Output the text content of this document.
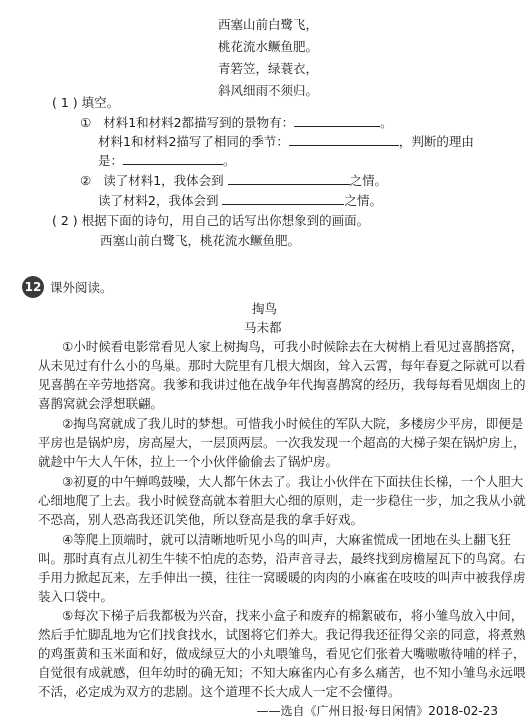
西塞山前白鹭飞，
桃花流水鳜鱼肥。
青箬笠，绿蓑衣，
斜风细雨不须归。
( 1 ) 填空。
① 材料1和材料2都描写到的景物有：	。
材料1和材料2描写了相同的季节：	，判断的理由
是：	。
② 读了材料1，我体会到	之情。
读了材料2，我体会到	之情。
( 2 ) 根据下面的诗句，用自己的话写出你想象到的画面。
西塞山前白鹭飞，桃花流水鳜鱼肥。
12 课外阅读。
掏鸟
马未都
①小时候看电影常看见人家上树掏鸟，可我小时候除去在大树梢上看见过喜鹊搭窝，
从未见过有什么小的鸟巢。那时大院里有几根大烟囱，耸入云霄，每年春夏之际就可以看
见喜鹊在辛劳地搭窝。我爹和我讲过他在战争年代掏喜鹊窝的经历，我每每看见烟囱上的
喜鹊窝就会浮想联翩。
②掏鸟窝就成了我儿时的梦想。可惜我小时候住的军队大院，多楼房少平房，即便是
平房也是锅炉房，房高屋大，一层顶两层。一次我发现一个超高的大梯子架在锅炉房上，
就趁中午大人午休，拉上一个小伙伴偷偷去了锅炉房。
③初夏的中午蝉鸣鼓噪，大人都午休去了。我让小伙伴在下面扶住长梯，一个人胆大
心细地爬了上去。我小时候登高就本着胆大心细的原则，走一步稳住一步，加之我从小就
不恐高，别人恐高我还讥笑他，所以登高是我的拿手好戏。
④等爬上顶端时，就可以清晰地听见小鸟的叫声，大麻雀慌成一团地在头上翻飞狂
叫。那时真有点儿初生牛犊不怕虎的态势，沿声音寻去，最终找到房檐屋瓦下的鸟窝。右
手用力掀起瓦来，左手伸出一摸，往往一窝暖暖的肉肉的小麻雀在吱吱的叫声中被我俘虏
装入口袋中。
⑤每次下梯子后我都极为兴奋，找来小盒子和废弃的棉絮破布，将小雏鸟放入中间，
然后手忙脚乱地为它们找食找水，试图将它们养大。我记得我还征得父亲的同意，将煮熟
的鸡蛋黄和玉米面和好，做成绿豆大的小丸喂雏鸟，看见它们张着大嘴嗷嗷待哺的样子，
自觉很有成就感，但年幼时的确无知；不知大麻雀内心有多么痛苦，也不知小雏鸟永远喂
不活，必定成为双方的悲剧。这个道理不长大成人一定不会懂得。
——选自《广州日报·每日闲情》2018-02-23
